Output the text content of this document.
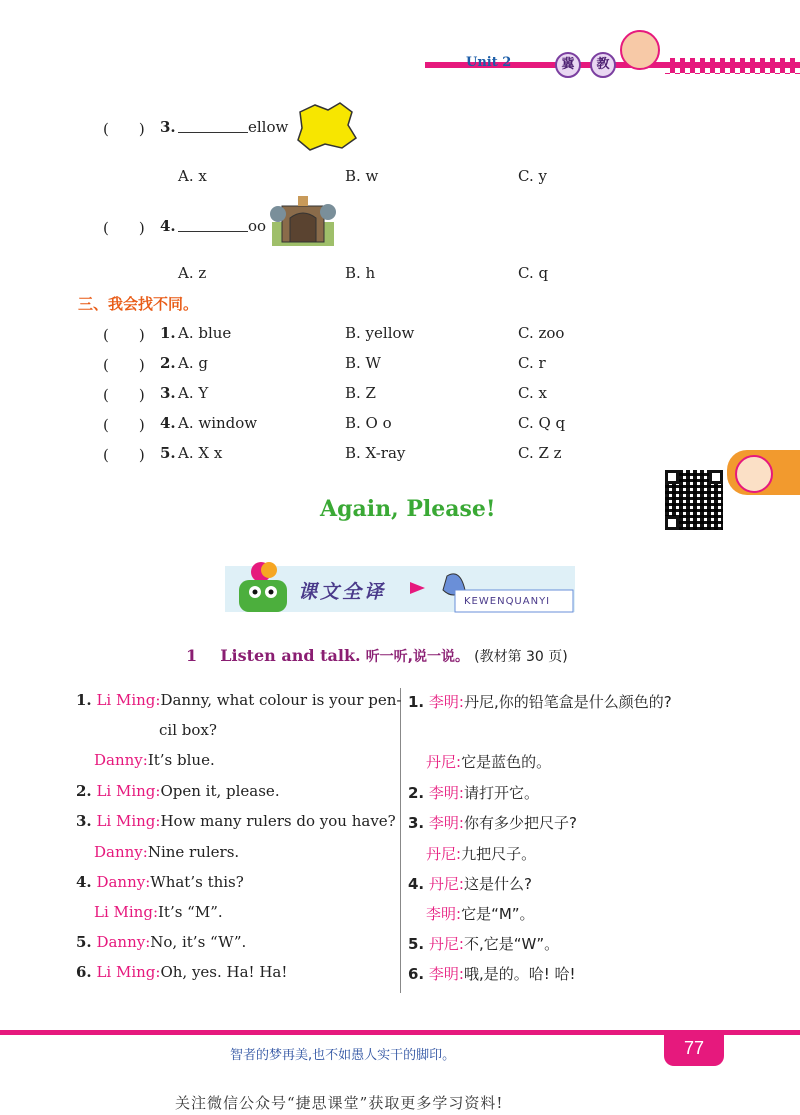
Unit 2	冀	教
(　　) 3.	ellow
A. x	B. w	C. y
(　　) 4.	oo
A. z	B. h	C. q
三、我会找不同。
(　　) 1. A. blue	B. yellow	C. zoo
(　　) 2. A. g	B. W	C. r
(　　) 3. A. Y	B. Z	C. x
(　　) 4. A. window	B. O o	C. Q q
(　　) 5. A. X x	B. X-ray	C. Z z
Again, Please!
课文全译	KEWENQUANYI
1 Listen and talk. 听一听,说一说。 (教材第 30 页)
1. Li Ming:Danny, what colour is your pen-
cil box?
Danny:It’s blue.
2. Li Ming:Open it, please.
3. Li Ming:How many rulers do you have?
Danny:Nine rulers.
4. Danny:What’s this?
Li Ming:It’s “M”.
5. Danny:No, it’s “W”.
6. Li Ming:Oh, yes. Ha! Ha!
1. 李明:丹尼,你的铅笔盒是什么颜色的?
丹尼:它是蓝色的。
2. 李明:请打开它。
3. 李明:你有多少把尺子?
丹尼:九把尺子。
4. 丹尼:这是什么?
李明:它是“M”。
5. 丹尼:不,它是“W”。
6. 李明:哦,是的。哈! 哈!
77
智者的梦再美,也不如愚人实干的脚印。
关注微信公众号“捷思课堂”获取更多学习资料!
